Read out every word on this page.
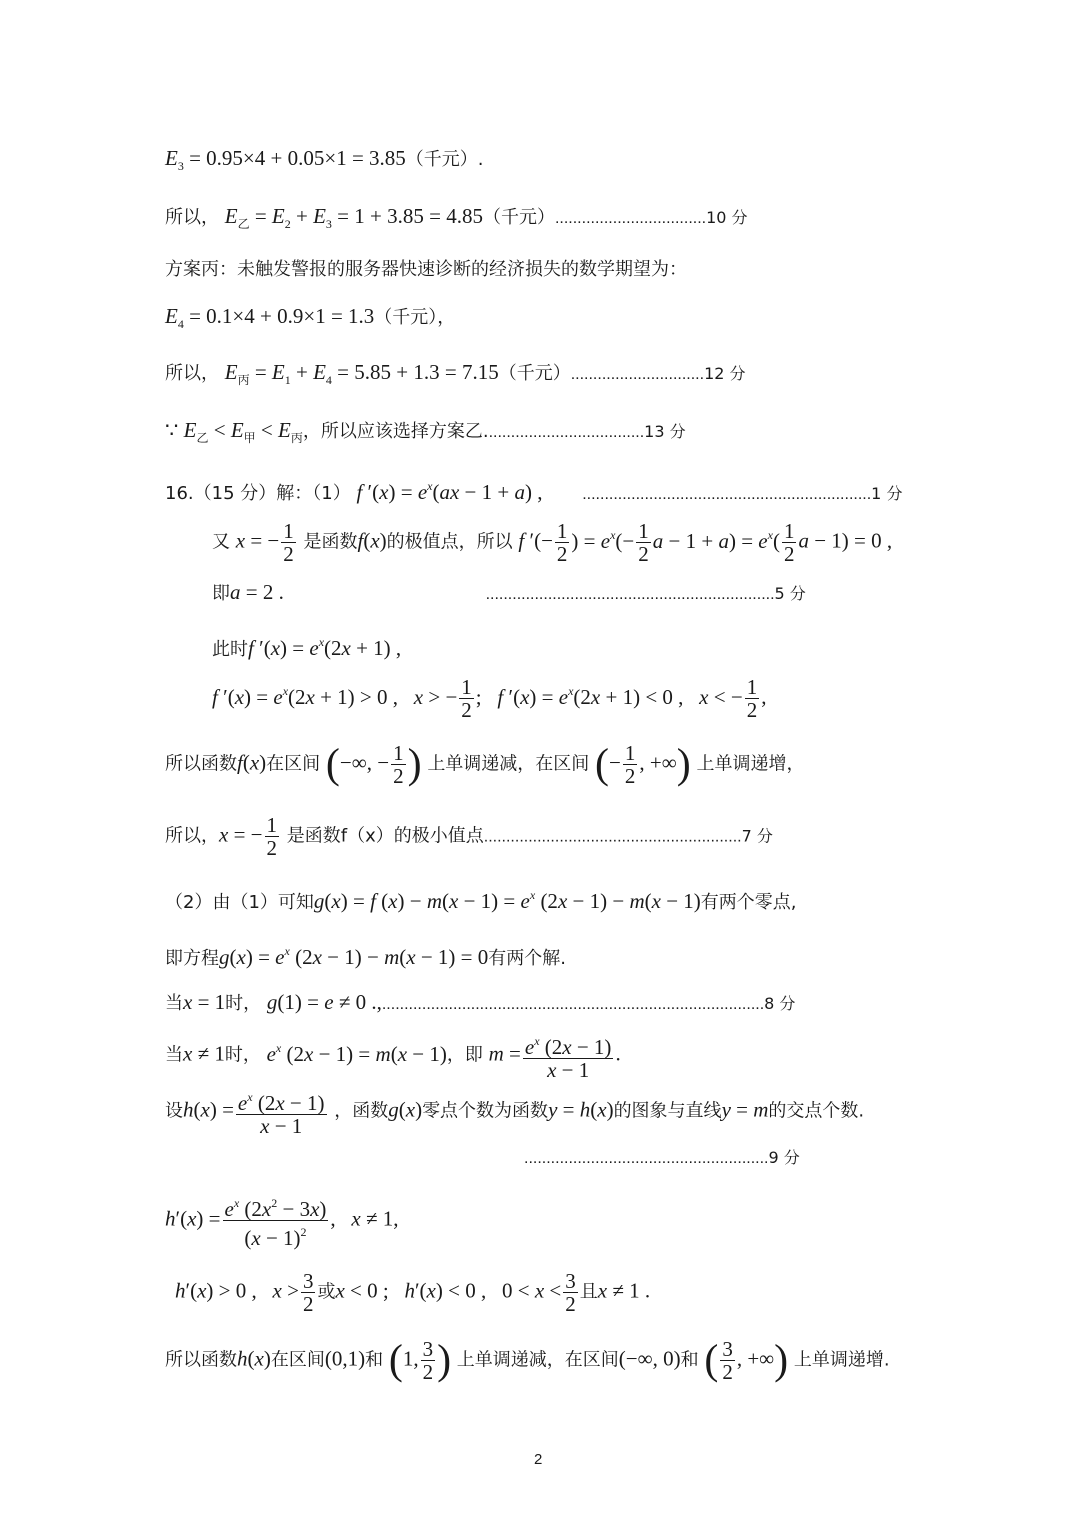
$E_3 = 0.95\times 4 + 0.05\times 1 = 3.85$（千元）.
所以， $E_乙 = E_2 + E_3 = 1 + 3.85 = 4.85$（千元）..................................10 分
方案丙：未触发警报的服务器快速诊断的经济损失的数学期望为：
$E_4 = 0.1\times 4 + 0.9\times 1 = 1.3$（千元），
所以， $E_丙 = E_1 + E_4 = 5.85 + 1.3 = 7.15$（千元）..............................12 分
∵ $E_乙 < E_甲 < E_丙$，所以应该选择方案乙....................................13 分
16.（15 分）解：（1） f $'(x) = e^x(ax - 1 + a)$ , .................................................................1 分
又 x = − $\frac{1}{2}$ 是函数f(x)的极值点，所以 f ′(− $\frac{1}{2}$ ) = $e^x(- \frac{1}{2}$ $a - 1 + a) = e^x( \frac{1}{2}$ a − 1) = 0 ,
即a = 2 .	.................................................................5 分
此时f $'(x) = e^x(2x + 1)$ ,
f $'(x) = e^x(2x + 1) > 0$ ,   x > − $\frac{1}{2}$ ;   f $'(x) = e^x(2x + 1) < 0$ ,   x < − $\frac{1}{2}$ ,
所以函数f(x)在区间 (−∞, − $\frac{1}{2}$ ) 上单调递减，在区间 (− $\frac{1}{2}$ , +∞) 上单调递增，
所以，x = − $\frac{1}{2}$ 是函数f（x）的极小值点..........................................................7 分
（2）由（1）可知g(x) = f $(x) - m(x - 1) = e^x$ (2x − 1) − m(x − 1)有两个零点,
即方程$g(x) = e^x$ (2x − 1) − m(x − 1) = 0有两个解.
当x = 1时， g(1) = e ≠ 0 .,......................................................................................8 分
当x ≠ 1时， $e^x$ (2x − 1) = m(x − 1)，即 $m = \frac{e^x (2x - 1)}{x - 1}$ .
设$h(x) = \frac{e^x (2x - 1)}{x - 1}$ ，函数g(x)零点个数为函数y = h(x)的图象与直线y = m的交点个数.
.......................................................9 分
$h'(x) = \frac{e^x (2x^2 - 3x)}{(x - 1)^2}$ ,   x ≠ 1,
h′(x) > 0 ,   $x > \frac{3}{2}$ 或x < 0 ;   h′(x) < 0 ,   $0 < x < \frac{3}{2}$ 且x ≠ 1 .
所以函数h(x)在区间(0,1)和 (1, $\frac{3}{2}$ ) 上单调递减，在区间(−∞, 0)和 ( $\frac{3}{2}$ , +∞) 上单调递增.
2
